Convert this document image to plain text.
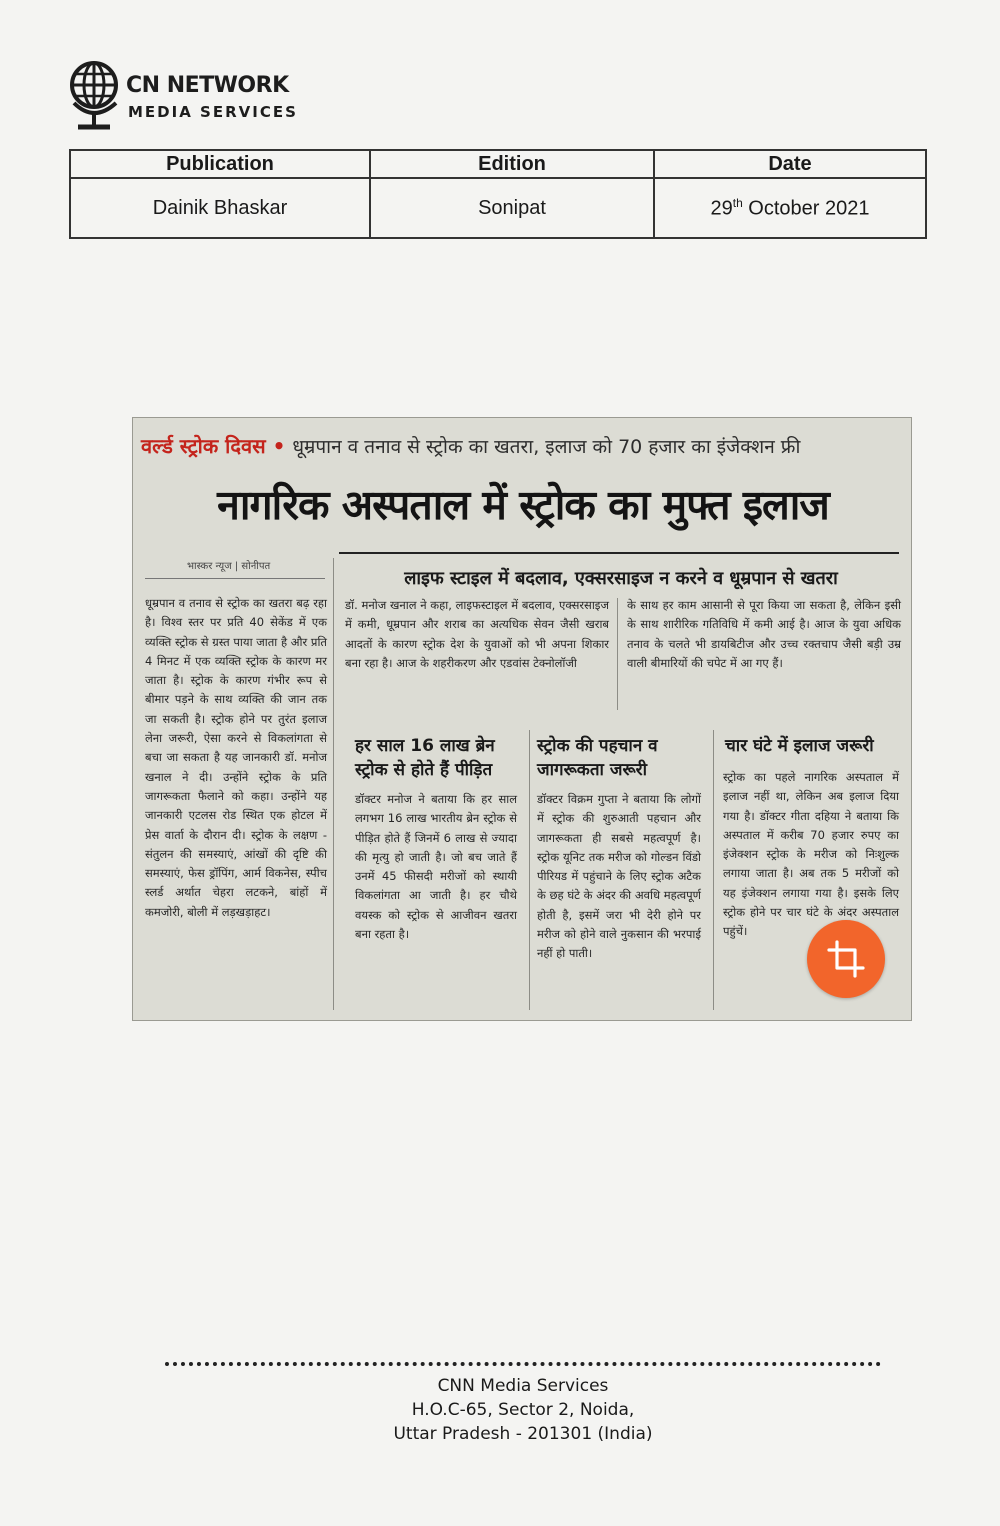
CN NETWORK
MEDIA SERVICES
Publication	Edition	Date
Dainik Bhaskar	Sonipat	29th October 2021
वर्ल्ड स्ट्रोक दिवस • धूम्रपान व तनाव से स्ट्रोक का खतरा, इलाज को 70 हजार का इंजेक्शन फ्री
नागरिक अस्पताल में स्ट्रोक का मुफ्त इलाज
भास्कर न्यूज | सोनीपत
लाइफ स्टाइल में बदलाव, एक्सरसाइज न करने व धूम्रपान से खतरा
धूम्रपान व तनाव से स्ट्रोक का खतरा बढ़ रहा है। विश्व स्तर पर प्रति 40 सेकेंड में एक व्यक्ति स्ट्रोक से ग्रस्त पाया जाता है और प्रति 4 मिनट में एक व्यक्ति स्ट्रोक के कारण मर जाता है। स्ट्रोक के कारण गंभीर रूप से बीमार पड़ने के साथ व्यक्ति की जान तक जा सकती है। स्ट्रोक होने पर तुरंत इलाज लेना जरूरी, ऐसा करने से विकलांगता से बचा जा सकता है यह जानकारी डॉ. मनोज खनाल ने दी। उन्होंने स्ट्रोक के प्रति जागरूकता फैलाने को कहा। उन्होंने यह जानकारी एटलस रोड स्थित एक होटल में प्रेस वार्ता के दौरान दी। स्ट्रोक के लक्षण - संतुलन की समस्याएं, आंखों की दृष्टि की समस्याएं, फेस ड्रॉपिंग, आर्म विकनेस, स्पीच स्लर्ड अर्थात चेहरा लटकने, बांहों में कमजोरी, बोली में लड़खड़ाहट।
डॉ. मनोज खनाल ने कहा, लाइफस्टाइल में बदलाव, एक्सरसाइज में कमी, धूम्रपान और शराब का अत्यधिक सेवन जैसी खराब आदतों के कारण स्ट्रोक देश के युवाओं को भी अपना शिकार बना रहा है। आज के शहरीकरण और एडवांस टेक्नोलॉजी
के साथ हर काम आसानी से पूरा किया जा सकता है, लेकिन इसी के साथ शारीरिक गतिविधि में कमी आई है। आज के युवा अधिक तनाव के चलते भी डायबिटीज और उच्च रक्तचाप जैसी बड़ी उम्र वाली बीमारियों की चपेट में आ गए हैं।
हर साल 16 लाख ब्रेन स्ट्रोक से होते हैं पीड़ित
डॉक्टर मनोज ने बताया कि हर साल लगभग 16 लाख भारतीय ब्रेन स्ट्रोक से पीड़ित होते हैं जिनमें 6 लाख से ज्यादा की मृत्यु हो जाती है। जो बच जाते हैं उनमें 45 फीसदी मरीजों को स्थायी विकलांगता आ जाती है। हर चौथे वयस्क को स्ट्रोक से आजीवन खतरा बना रहता है।
स्ट्रोक की पहचान व जागरूकता जरूरी
डॉक्टर विक्रम गुप्ता ने बताया कि लोगों में स्ट्रोक की शुरुआती पहचान और जागरूकता ही सबसे महत्वपूर्ण है। स्ट्रोक यूनिट तक मरीज को गोल्डन विंडो पीरियड में पहुंचाने के लिए स्ट्रोक अटैक के छह घंटे के अंदर की अवधि महत्वपूर्ण होती है, इसमें जरा भी देरी होने पर मरीज को होने वाले नुकसान की भरपाई नहीं हो पाती।
चार घंटे में इलाज जरूरी
स्ट्रोक का पहले नागरिक अस्पताल में इलाज नहीं था, लेकिन अब इलाज दिया गया है। डॉक्टर गीता दहिया ने बताया कि अस्पताल में करीब 70 हजार रुपए का इंजेक्शन स्ट्रोक के मरीज को निःशुल्क लगाया जाता है। अब तक 5 मरीजों को यह इंजेक्शन लगाया गया है। इसके लिए स्ट्रोक होने पर चार घंटे के अंदर अस्पताल पहुंचें।
CNN Media Services
H.O.C-65, Sector 2, Noida,
Uttar Pradesh - 201301 (India)
